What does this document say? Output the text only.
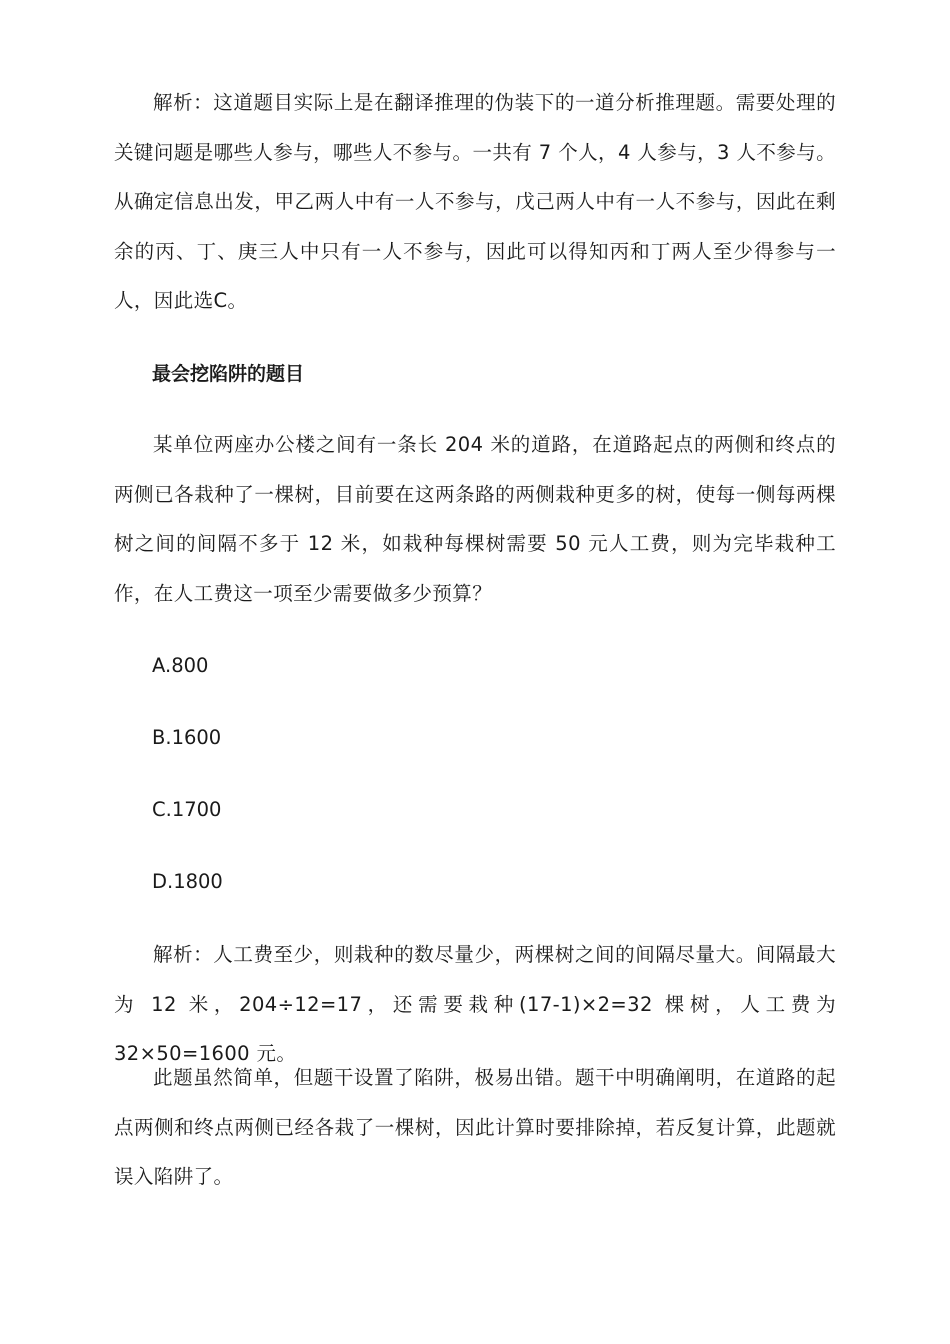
解析：这道题目实际上是在翻译推理的伪装下的一道分析推理题。需要处理的关键问题是哪些人参与，哪些人不参与。一共有 7 个人，4 人参与，3 人不参与。从确定信息出发，甲乙两人中有一人不参与，戊己两人中有一人不参与，因此在剩余的丙、丁、庚三人中只有一人不参与，因此可以得知丙和丁两人至少得参与一人，因此选C。

最会挖陷阱的题目

某单位两座办公楼之间有一条长 204 米的道路，在道路起点的两侧和终点的两侧已各栽种了一棵树，目前要在这两条路的两侧栽种更多的树，使每一侧每两棵树之间的间隔不多于 12 米，如栽种每棵树需要 50 元人工费，则为完毕栽种工作，在人工费这一项至少需要做多少预算？

A.800

B.1600

C.1700

D.1800

解析：人工费至少，则栽种的数尽量少，两棵树之间的间隔尽量大。间隔最大为 12 米，204÷12=17，还需要栽种(17-1)×2=32 棵树，人工费为 32×50=1600 元。

此题虽然简单，但题干设置了陷阱，极易出错。题干中明确阐明，在道路的起点两侧和终点两侧已经各栽了一棵树，因此计算时要排除掉，若反复计算，此题就误入陷阱了。
